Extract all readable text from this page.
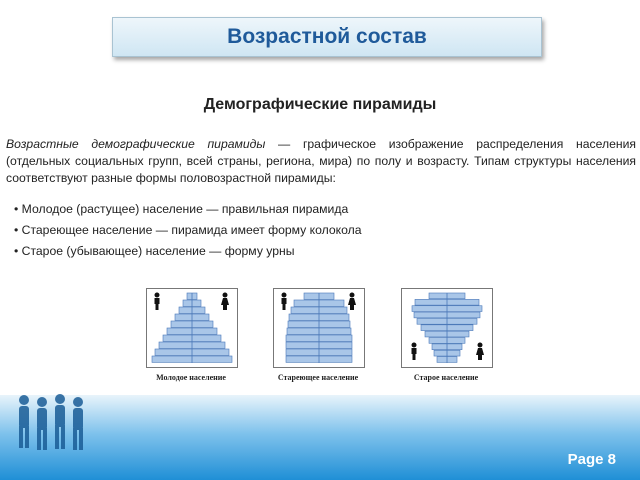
Возрастной состав
Демографические пирамиды
Возрастные демографические пирамиды — графическое изображение распределения населения (отдельных социальных групп, всей страны, региона, мира) по полу и возрасту. Типам структуры населения соответствуют разные формы половозрастной пирамиды:
• Молодое (растущее) население — правильная пирамида
• Стареющее население — пирамида имеет форму колокола
• Старое (убывающее) население — форму урны
Молодое население	Стареющее население	Старое население
Page 8
